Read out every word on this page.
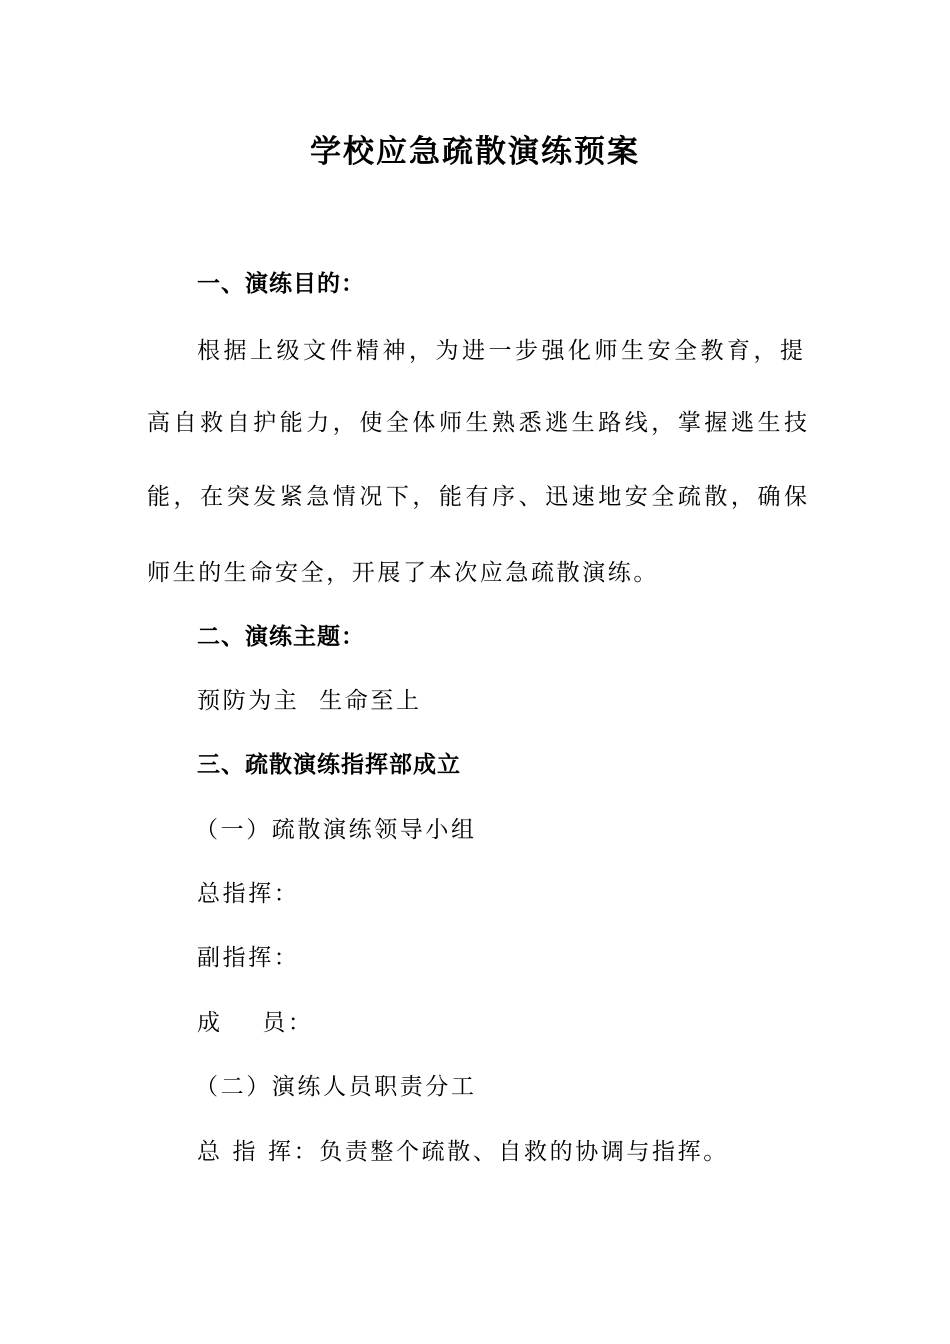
学校应急疏散演练预案

一、演练目的：

根据上级文件精神，为进一步强化师生安全教育，提

高自救自护能力，使全体师生熟悉逃生路线，掌握逃生技

能，在突发紧急情况下，能有序、迅速地安全疏散，确保

师生的生命安全，开展了本次应急疏散演练。

二、演练主题：

预防为主  生命至上

三、疏散演练指挥部成立

（一）疏散演练领导小组

总指挥：

副指挥：

成    员：

（二）演练人员职责分工

总 指 挥：负责整个疏散、自救的协调与指挥。
